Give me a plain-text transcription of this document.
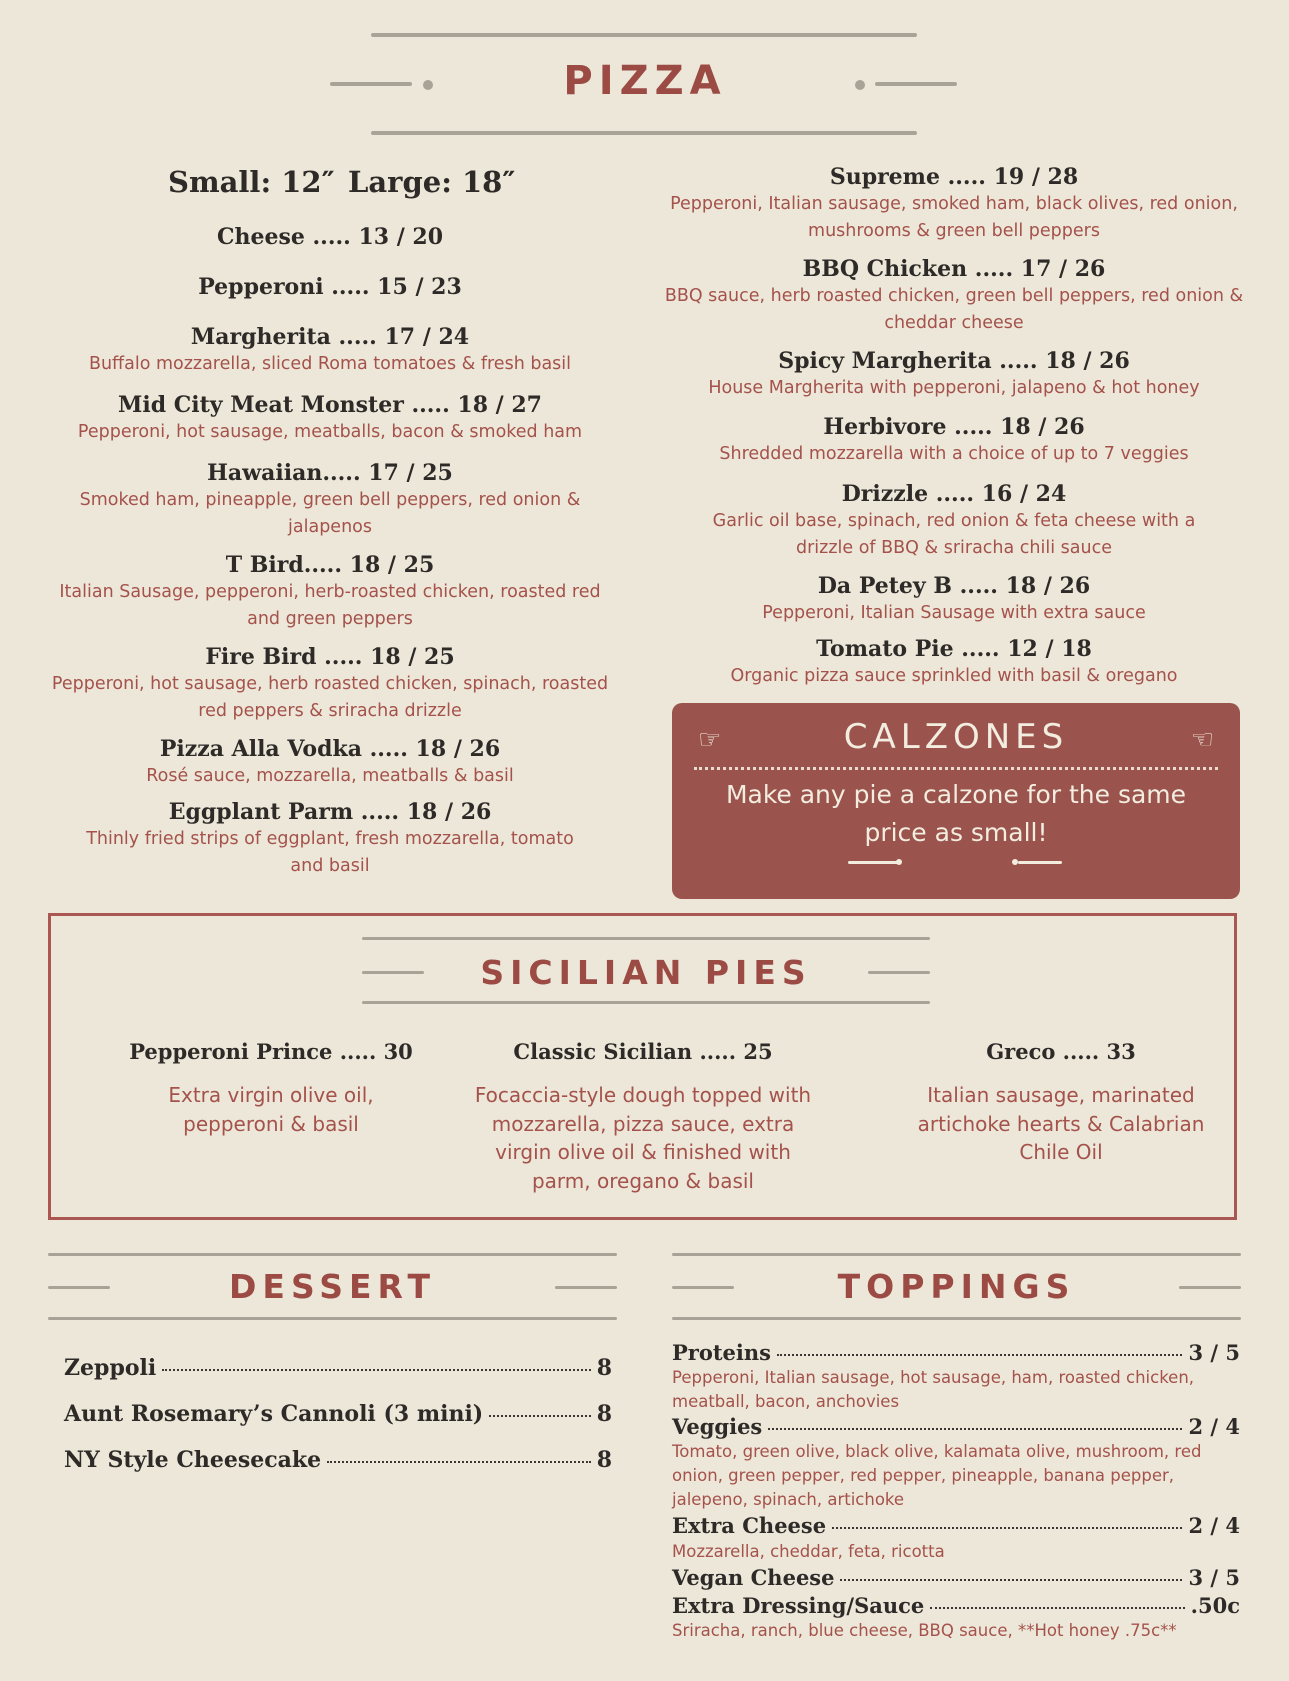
PIZZA
Small: 12″ Large: 18″
Cheese ..... 13 / 20
Pepperoni ..... 15 / 23
Margherita ..... 17 / 24
Buffalo mozzarella, sliced Roma tomatoes & fresh basil
Mid City Meat Monster ..... 18 / 27
Pepperoni, hot sausage, meatballs, bacon & smoked ham
Hawaiian..... 17 / 25
Smoked ham, pineapple, green bell peppers, red onion & jalapenos
T Bird..... 18 / 25
Italian Sausage, pepperoni, herb-roasted chicken, roasted red and green peppers
Fire Bird ..... 18 / 25
Pepperoni, hot sausage, herb roasted chicken, spinach, roasted red peppers & sriracha drizzle
Pizza Alla Vodka ..... 18 / 26
Rosé sauce, mozzarella, meatballs & basil
Eggplant Parm ..... 18 / 26
Thinly fried strips of eggplant, fresh mozzarella, tomato and basil
Supreme ..... 19 / 28
Pepperoni, Italian sausage, smoked ham, black olives, red onion, mushrooms & green bell peppers
BBQ Chicken ..... 17 / 26
BBQ sauce, herb roasted chicken, green bell peppers, red onion & cheddar cheese
Spicy Margherita ..... 18 / 26
House Margherita with pepperoni, jalapeno & hot honey
Herbivore ..... 18 / 26
Shredded mozzarella with a choice of up to 7 veggies
Drizzle ..... 16 / 24
Garlic oil base, spinach, red onion & feta cheese with a drizzle of BBQ & sriracha chili sauce
Da Petey B ..... 18 / 26
Pepperoni, Italian Sausage with extra sauce
Tomato Pie ..... 12 / 18
Organic pizza sauce sprinkled with basil & oregano
☞	CALZONES	☜
Make any pie a calzone for the same price as small!
SICILIAN PIES
Pepperoni Prince ..... 30
Extra virgin olive oil, pepperoni & basil
Classic Sicilian ..... 25
Focaccia-style dough topped with mozzarella, pizza sauce, extra virgin olive oil & finished with parm, oregano & basil
Greco ..... 33
Italian sausage, marinated artichoke hearts & Calabrian Chile Oil
DESSERT
Zeppoli	8
Aunt Rosemary’s Cannoli (3 mini)	8
NY Style Cheesecake	8
TOPPINGS
Proteins	3 / 5
Pepperoni, Italian sausage, hot sausage, ham, roasted chicken, meatball, bacon, anchovies
Veggies	2 / 4
Tomato, green olive, black olive, kalamata olive, mushroom, red onion, green pepper, red pepper, pineapple, banana pepper, jalepeno, spinach, artichoke
Extra Cheese	2 / 4
Mozzarella, cheddar, feta, ricotta
Vegan Cheese	3 / 5
Extra Dressing/Sauce	.50c
Sriracha, ranch, blue cheese, BBQ sauce, **Hot honey .75c**
